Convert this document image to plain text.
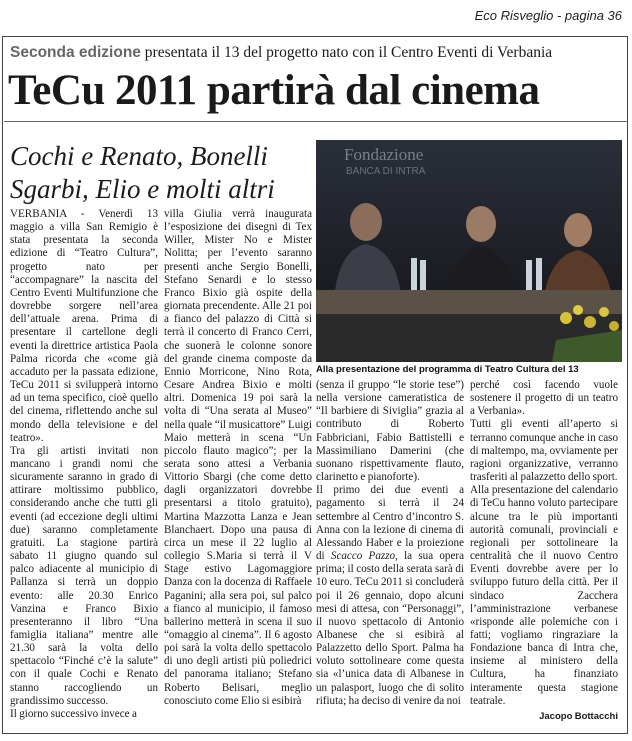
Eco Risveglio - pagina 36
Seconda edizione presentata il 13 del progetto nato con il Centro Eventi di Verbania
TeCu 2011 partirà dal cinema
Cochi e Renato, Bonelli Sgarbi, Elio e molti altri
Fondazione
BANCA DI INTRA
Alla presentazione del programma di Teatro Cultura del 13

VERBANIA - Venerdì 13 maggio a villa San Remigio è stata presentata la seconda edizione di “Teatro Cultura”, progetto nato per “accompagnare” la nascita del Centro Eventi Multifunzione che dovrebbe sorgere nell’area dell’attuale arena. Prima di presentare il cartellone degli eventi la direttrice artistica Paola Palma ricorda che «come già accaduto per la passata edizione, TeCu 2011 si svilupperà intorno ad un tema specifico, cioè quello del cinema, riflettendo anche sul mondo della televisione e del teatro».

Tra gli artisti invitati non mancano i grandi nomi che sicuramente saranno in grado di attirare moltissimo pubblico, considerando anche che tutti gli eventi (ad eccezione degli ultimi due) saranno completamente gratuiti. La stagione partirà sabato 11 giugno quando sul palco adiacente al municipio di Pallanza si terrà un doppio evento: alle 20.30 Enrico Vanzina e Franco Bixio presenteranno il libro “Una famiglia italiana” mentre alle 21.30 sarà la volta dello spettacolo “Finché c’è la salute” con il quale Cochi e Renato stanno raccogliendo un grandissimo successo.

Il giorno successivo invece a

villa Giulia verrà inaugurata l’esposizione dei disegni di Tex Willer, Mister No e Mister Nolitta; per l’evento saranno presenti anche Sergio Bonelli, Stefano Senardi e lo stesso Franco Bixio già ospite della giornata precendente. Alle 21 poi a fianco del palazzo di Città si terrà il concerto di Franco Cerri, che suonerà le colonne sonore del grande cinema composte da Ennio Morricone, Nino Rota, Cesare Andrea Bixio e molti altri. Domenica 19 poi sarà la volta di “Una serata al Museo” nella quale “il musicattore” Luigi Maio metterà in scena “Un piccolo flauto magico”; per la serata sono attesi a Verbania Vittorio Sbargi (che come detto dagli organizzatori dovrebbe presentarsi a titolo gratuito), Martina Mazzotta Lanza e Jean Blanchaert. Dopo una pausa di circa un mese il 22 luglio al collegio S.Maria si terrà il V Stage estivo Lagomaggiore Danza con la docenza di Raffaele Paganini; alla sera poi, sul palco a fianco al municipio, il famoso ballerino metterà in scena il suo “omaggio al cinema”. Il 6 agosto poi sarà la volta dello spettacolo di uno degli artisti più poliedrici del panorama italiano; Stefano Roberto Belisari, meglio conosciuto come Elio si esibirà

(senza il gruppo “le storie tese”) nella versione cameratistica de “Il barbiere di Siviglia” grazia al contributo di Roberto Fabbriciani, Fabio Battistelli e Massimiliano Damerini (che suonano rispettivamente flauto, clarinetto e pianoforte).

Il primo dei due eventi a pagamento si terrà il 24 settembre al Centro d’incontro S. Anna con la lezione di cinema di Alessando Haber e la proiezione di Scacco Pazzo, la sua opera prima; il costo della serata sarà di 10 euro. TeCu 2011 si concluderà poi il 26 gennaio, dopo alcuni mesi di attesa, con “Personaggi”, il nuovo spettacolo di Antonio Albanese che si esibirà al Palazzetto dello Sport. Palma ha voluto sottolineare come questa sia «l’unica data di Albanese in un palasport, luogo che di solito rifiuta; ha deciso di venire da noi

perché così facendo vuole sostenere il progetto di un teatro a Verbania».

Tutti gli eventi all’aperto si terranno comunque anche in caso di maltempo, ma, ovviamente per ragioni organizzative, verranno trasferiti al palazzetto dello sport.

Alla presentazione del calendario di TeCu hanno voluto partecipare alcune tra le più importanti autorità comunali, provinciali e regionali per sottolineare la centralità che il nuovo Centro Eventi dovrebbe avere per lo sviluppo futuro della città. Per il sindaco Zacchera l’amministrazione verbanese «risponde alle polemiche con i fatti; vogliamo ringraziare la Fondazione banca di Intra che, insieme al ministero della Cultura, ha finanziato interamente questa stagione teatrale.

Jacopo Bottacchi
